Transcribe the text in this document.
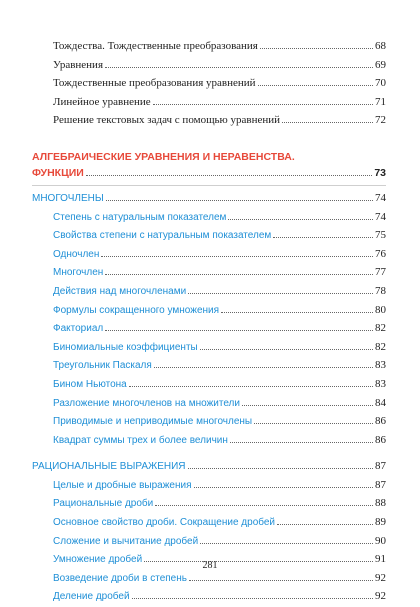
Тождества. Тождественные преобразования	68
Уравнения	69
Тождественные преобразования уравнений	70
Линейное уравнение	71
Решение текстовых задач с помощью уравнений	72
АЛГЕБРАИЧЕСКИЕ УРАВНЕНИЯ И НЕРАВЕНСТВА.
ФУНКЦИИ	73
МНОГОЧЛЕНЫ	74
Степень с натуральным показателем	74
Свойства степени с натуральным показателем	75
Одночлен	76
Многочлен	77
Действия над многочленами	78
Формулы сокращенного умножения	80
Факториал	82
Биномиальные коэффициенты	82
Треугольник Паскаля	83
Бином Ньютона	83
Разложение многочленов на множители	84
Приводимые и неприводимые многочлены	86
Квадрат суммы трех и более величин	86
РАЦИОНАЛЬНЫЕ ВЫРАЖЕНИЯ	87
Целые и дробные выражения	87
Рациональные дроби	88
Основное свойство дроби. Сокращение дробей	89
Сложение и вычитание дробей	90
Умножение дробей	91
Возведение дроби в степень	92
Деление дробей	92
281
